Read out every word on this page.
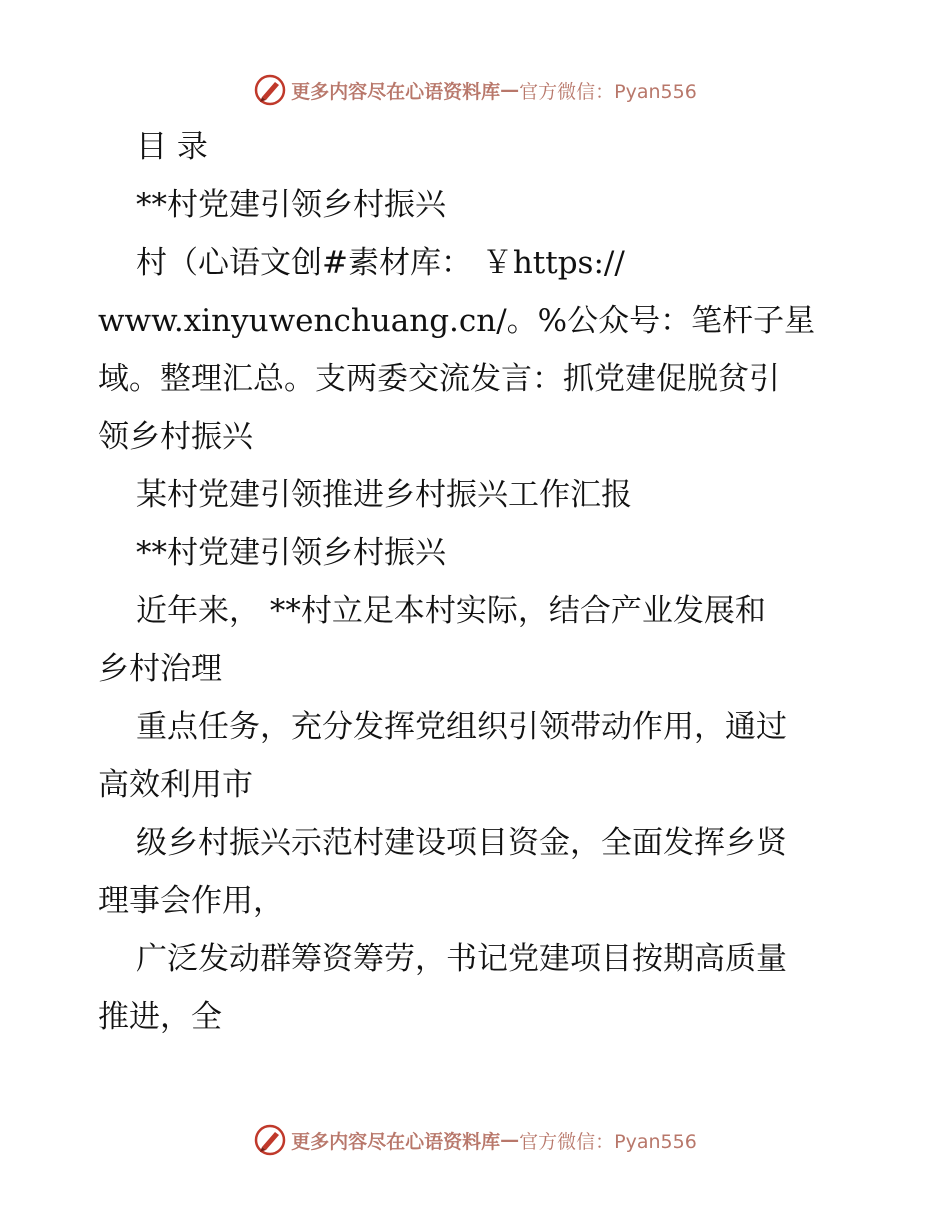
更多内容尽在心语资料库 — 官方微信：Pyan556

目 录

**村党建引领乡村振兴

村（心语文创#素材库： ￥https://

www.xinyuwenchuang.cn/。%公众号：笔杆子星

域。整理汇总。支两委交流发言：抓党建促脱贫引

领乡村振兴

某村党建引领推进乡村振兴工作汇报

**村党建引领乡村振兴

近年来， **村立足本村实际，结合产业发展和

乡村治理

重点任务，充分发挥党组织引领带动作用，通过

高效利用市

级乡村振兴示范村建设项目资金，全面发挥乡贤

理事会作用，

广泛发动群筹资筹劳，书记党建项目按期高质量

推进，全

更多内容尽在心语资料库 — 官方微信：Pyan556
